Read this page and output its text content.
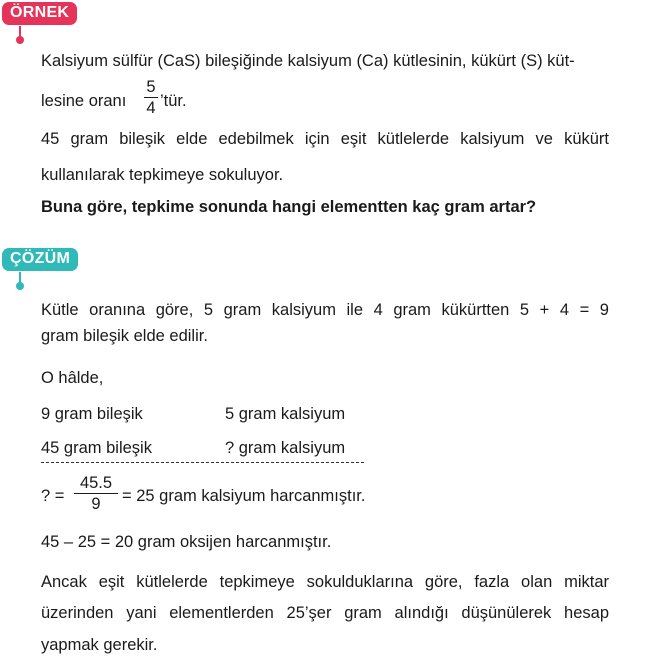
ÖRNEK
Kalsiyum sülfür (CaS) bileşiğinde kalsiyum (Ca) kütlesinin, kükürt (S) küt-
lesine oranı
5
4 ’tür.
45 gram bileşik elde edebilmek için eşit kütlelerde kalsiyum ve kükürt
kullanılarak tepkimeye sokuluyor.
Buna göre, tepkime sonunda hangi elementten kaç gram artar?
ÇÖZÜM
Kütle oranına göre, 5 gram kalsiyum ile 4 gram kükürtten 5 + 4 = 9
gram bileşik elde edilir.
O hâlde,
9 gram bileşik	5 gram kalsiyum
45 gram bileşik	? gram kalsiyum
? =
45.5
9	= 25 gram kalsiyum harcanmıştır.
45 – 25 = 20 gram oksijen harcanmıştır.
Ancak eşit kütlelerde tepkimeye sokulduklarına göre, fazla olan miktar
üzerinden yani elementlerden 25’şer gram alındığı düşünülerek hesap
yapmak gerekir.
